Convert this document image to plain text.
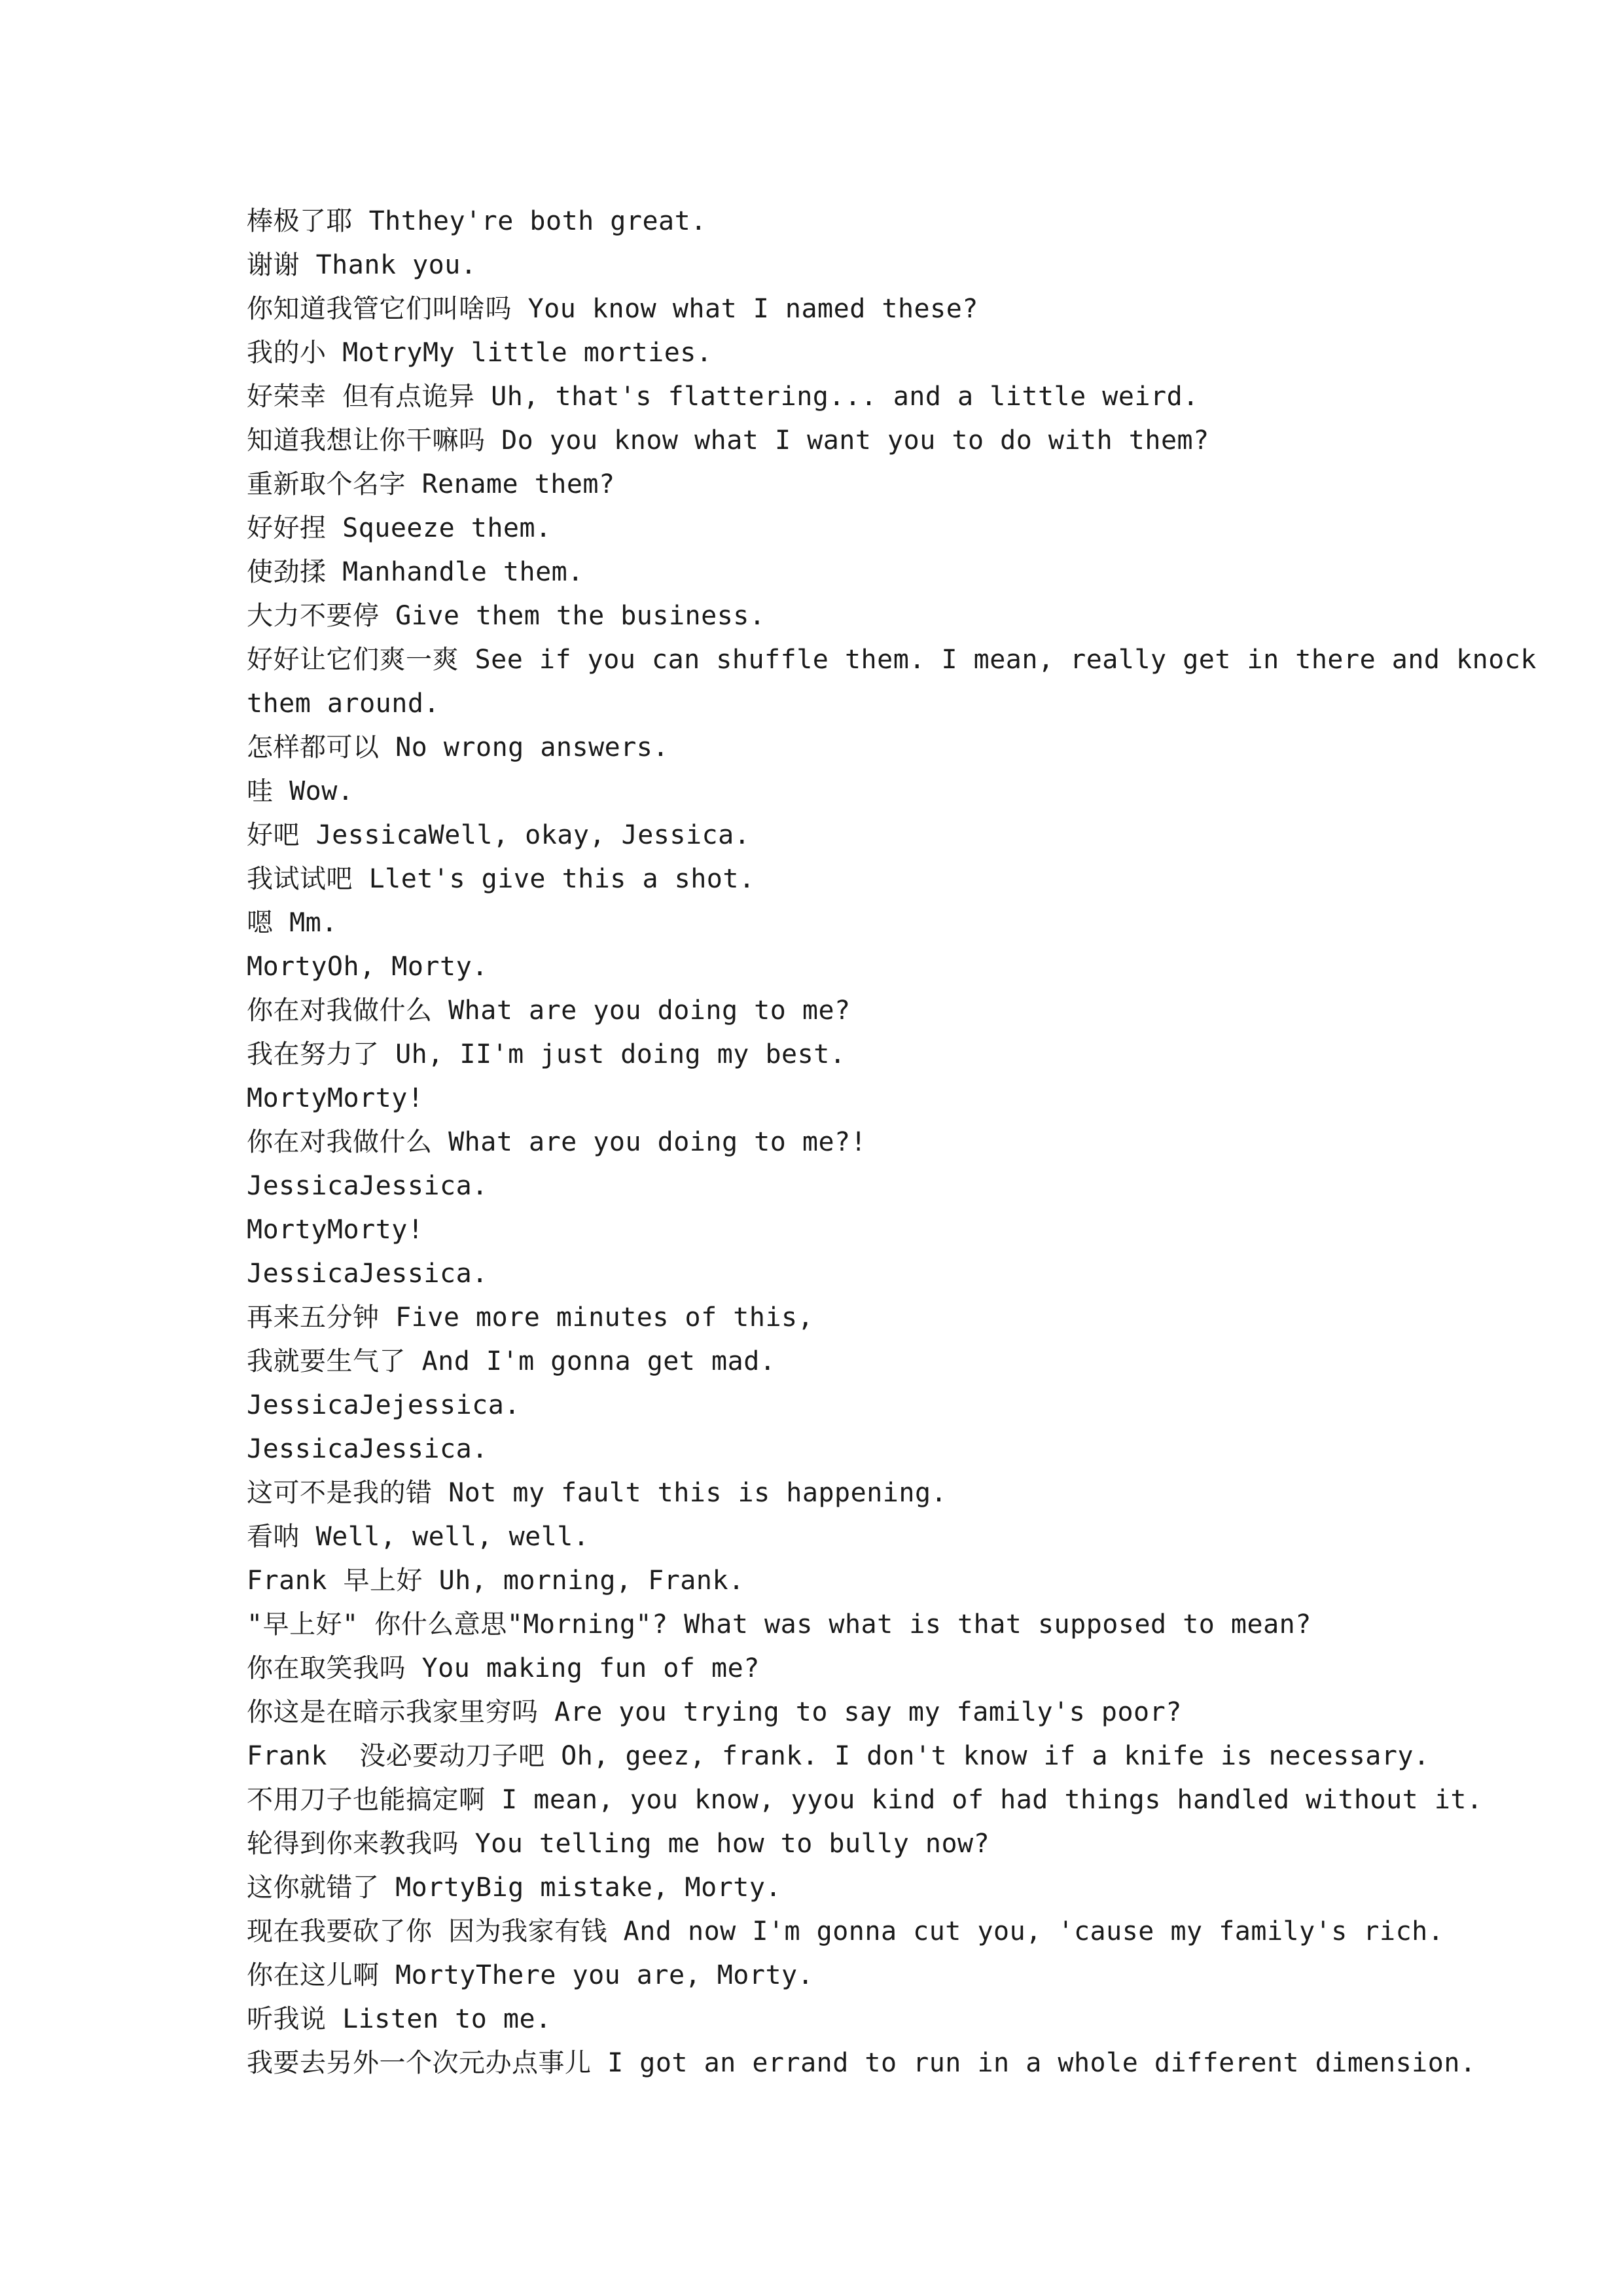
棒极了耶 Ththey're both great.
谢谢 Thank you.
你知道我管它们叫啥吗 You know what I named these?
我的小 MotryMy little morties.
好荣幸 但有点诡异 Uh, that's flattering... and a little weird.
知道我想让你干嘛吗 Do you know what I want you to do with them?
重新取个名字 Rename them?
好好捏 Squeeze them.
使劲揉 Manhandle them.
大力不要停 Give them the business.
好好让它们爽一爽 See if you can shuffle them. I mean, really get in there and knock
them around.
怎样都可以 No wrong answers.
哇 Wow.
好吧 JessicaWell, okay, Jessica.
我试试吧 Llet's give this a shot.
嗯 Mm.
MortyOh, Morty.
你在对我做什么 What are you doing to me?
我在努力了 Uh, II'm just doing my best.
MortyMorty!
你在对我做什么 What are you doing to me?!
JessicaJessica.
MortyMorty!
JessicaJessica.
再来五分钟 Five more minutes of this,
我就要生气了 And I'm gonna get mad.
JessicaJejessica.
JessicaJessica.
这可不是我的错 Not my fault this is happening.
看呐 Well, well, well.
Frank 早上好 Uh, morning, Frank.
"早上好" 你什么意思"Morning"? What was what is that supposed to mean?
你在取笑我吗 You making fun of me?
你这是在暗示我家里穷吗 Are you trying to say my family's poor?
Frank  没必要动刀子吧 Oh, geez, frank. I don't know if a knife is necessary.
不用刀子也能搞定啊 I mean, you know, yyou kind of had things handled without it.
轮得到你来教我吗 You telling me how to bully now?
这你就错了 MortyBig mistake, Morty.
现在我要砍了你 因为我家有钱 And now I'm gonna cut you, 'cause my family's rich.
你在这儿啊 MortyThere you are, Morty.
听我说 Listen to me.
我要去另外一个次元办点事儿 I got an errand to run in a whole different dimension.
